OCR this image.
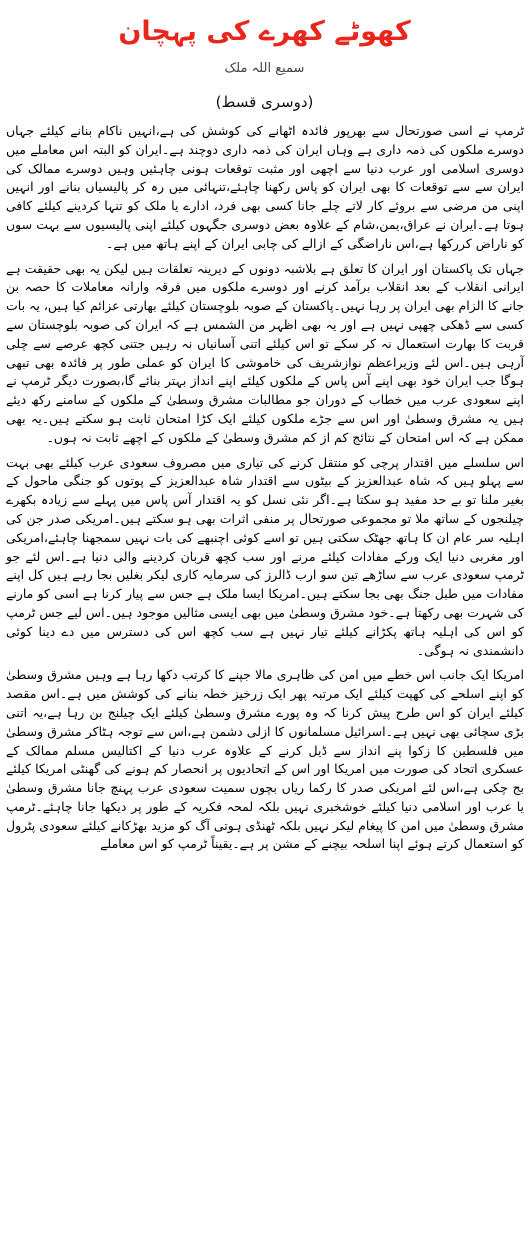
کھوٹے کھرے کی پہچان
سمیع اللہ ملک
(دوسری قسط)

ٹرمپ نے اسی صورتحال سے بھرپور فائدہ اٹھانے کی کوشش کی ہے،انہیں ناکام بنانے کیلئے جہاں دوسرے ملکوں کی ذمہ داری ہے وہاں ایران کی ذمہ داری دوچند ہے۔ایران کو البتہ اس معاملے میں دوسری اسلامی اور عرب دنیا سے اچھی اور مثبت توقعات ہونی چاہئیں وہیں دوسرے ممالک کی ایران سے سے توقعات کا بھی ایران کو پاس رکھنا چاہئے،تنہائی میں رہ کر پالیسیاں بنانے اور انہیں اپنی من مرضی سے بروئے کار لاتے چلے جانا کسی بھی فرد، ادارے یا ملک کو تنہا کردینے کیلئے کافی ہوتا ہے۔ایران نے عراق،یمن،شام کے علاوہ بعض دوسری جگہوں کیلئے اپنی پالیسیوں سے بہت سوں کو ناراض کررکھا ہے،اس ناراضگی کے ازالے کی چابی ایران کے اپنے ہاتھ میں ہے۔

جہاں تک پاکستان اور ایران کا تعلق ہے بلاشبہ دونوں کے دیرینہ تعلقات ہیں لیکن یہ بھی حقیقت ہے ایرانی انقلاب کے بعد انقلاب برآمد کرنے اور دوسرے ملکوں میں فرقہ وارانہ معاملات کا حصہ بن جانے کا الزام بھی ایران پر رہا نہیں۔پاکستان کے صوبہ بلوچستان کیلئے بھارتی عزائم کیا ہیں، یہ بات کسی سے ڈھکی چھپی نہیں ہے اور یہ بھی اظہر من الشمس ہے کہ ایران کی صوبہ بلوچستان سے قربت کا بھارت استعمال نہ کر سکے تو اس کیلئے اتنی آسانیاں نہ رہیں جتنی کچھ عرصے سے چلی آرہی ہیں۔اس لئے وزیراعظم نوازشریف کی خاموشی کا ایران کو عملی طور پر فائدہ بھی تبھی ہوگا جب ایران خود بھی اپنے آس پاس کے ملکوں کیلئے اپنے انداز بہتر بنائے گا،بصورت دیگر ٹرمپ نے اپنے سعودی عرب میں خطاب کے دوران جو مطالبات مشرق وسطیٰ کے ملکوں کے سامنے رکھ دیئے ہیں یہ مشرق وسطیٰ اور اس سے جڑے ملکوں کیلئے ایک کڑا امتحان ثابت ہو سکتے ہیں۔یہ بھی ممکن ہے کہ اس امتحان کے نتائج کم از کم مشرق وسطیٰ کے ملکوں کے اچھے ثابت نہ ہوں۔

اس سلسلے میں اقتدار پرچی کو منتقل کرنے کی تیاری میں مصروف سعودی عرب کیلئے بھی بہت سے پہلو ہیں کہ شاہ عبدالعزیز کے بیٹوں سے اقتدار شاہ عبدالعزیز کے پوتوں کو جنگی ماحول کے بغیر ملنا تو بے حد مفید ہو سکتا ہے۔اگر نئی نسل کو یہ اقتدار آس پاس میں پہلے سے زیادہ بکھرے چیلنجوں کے ساتھ ملا تو مجموعی صورتحال پر منفی اثرات بھی ہو سکتے ہیں۔امریکی صدر جن کی اہلیہ سر عام ان کا ہاتھ جھٹک سکتی ہیں تو اسے کوئی اچنبھے کی بات نہیں سمجھنا چاہئے،امریکی اور مغربی دنیا ایک ورکے مفادات کیلئے مرنے اور سب کچھ قربان کردینے والی دنیا ہے۔اس لئے جو ٹرمپ سعودی عرب سے ساڑھے تین سو ارب ڈالرز کی سرمایہ کاری لیکر بغلیں بجا رہے ہیں کل اپنے مفادات میں طبل جنگ بھی بجا سکتے ہیں۔امریکا ایسا ملک ہے جس سے پیار کرنا ہے اسی کو مارنے کی شہرت بھی رکھتا ہے۔خود مشرق وسطیٰ میں بھی ایسی مثالیں موجود ہیں۔اس لیے جس ٹرمپ کو اس کی اہلیہ ہاتھ پکڑانے کیلئے تیار نہیں ہے سب کچھ اس کی دسترس میں دے دینا کوئی دانشمندی نہ ہوگی۔

امریکا ایک جانب اس خطے میں امن کی ظاہری مالا جپنے کا کرتب دکھا رہا ہے وہیں مشرق وسطیٰ کو اپنے اسلحے کی کھپت کیلئے ایک مرتبہ پھر ایک زرخیز خطہ بنانے کی کوشش میں ہے۔اس مقصد کیلئے ایران کو اس طرح پیش کرنا کہ وہ پورے مشرق وسطیٰ کیلئے ایک چیلنج بن رہا ہے،یہ اتنی بڑی سچائی بھی نہیں ہے۔اسرائیل مسلمانوں کا ازلی دشمن ہے،اس سے توجہ ہٹاکر مشرق وسطیٰ میں فلسطین کا زکوا پنے انداز سے ڈیل کرنے کے علاوہ عرب دنیا کے اکتالیس مسلم ممالک کے عسکری اتحاد کی صورت میں امریکا اور اس کے اتحادیوں پر انحصار کم ہونے کی گھنٹی امریکا کیلئے بج چکی ہے،اس لئے امریکی صدر کا رکما ریاں بچوں سمیت سعودی عرب پہنچ جانا مشرق وسطیٰ یا عرب اور اسلامی دنیا کیلئے خوشخبری نہیں بلکہ لمحہ فکریہ کے طور پر دیکھا جانا چاہئے۔ٹرمپ مشرق وسطیٰ میں امن کا پیغام لیکر نہیں بلکہ ٹھنڈی ہوتی آگ کو مزید بھڑکانے کیلئے سعودی پٹرول کو استعمال کرتے ہوئے اپنا اسلحہ بیچنے کے مشن پر ہے۔یقیناً ٹرمپ کو اس معاملے
